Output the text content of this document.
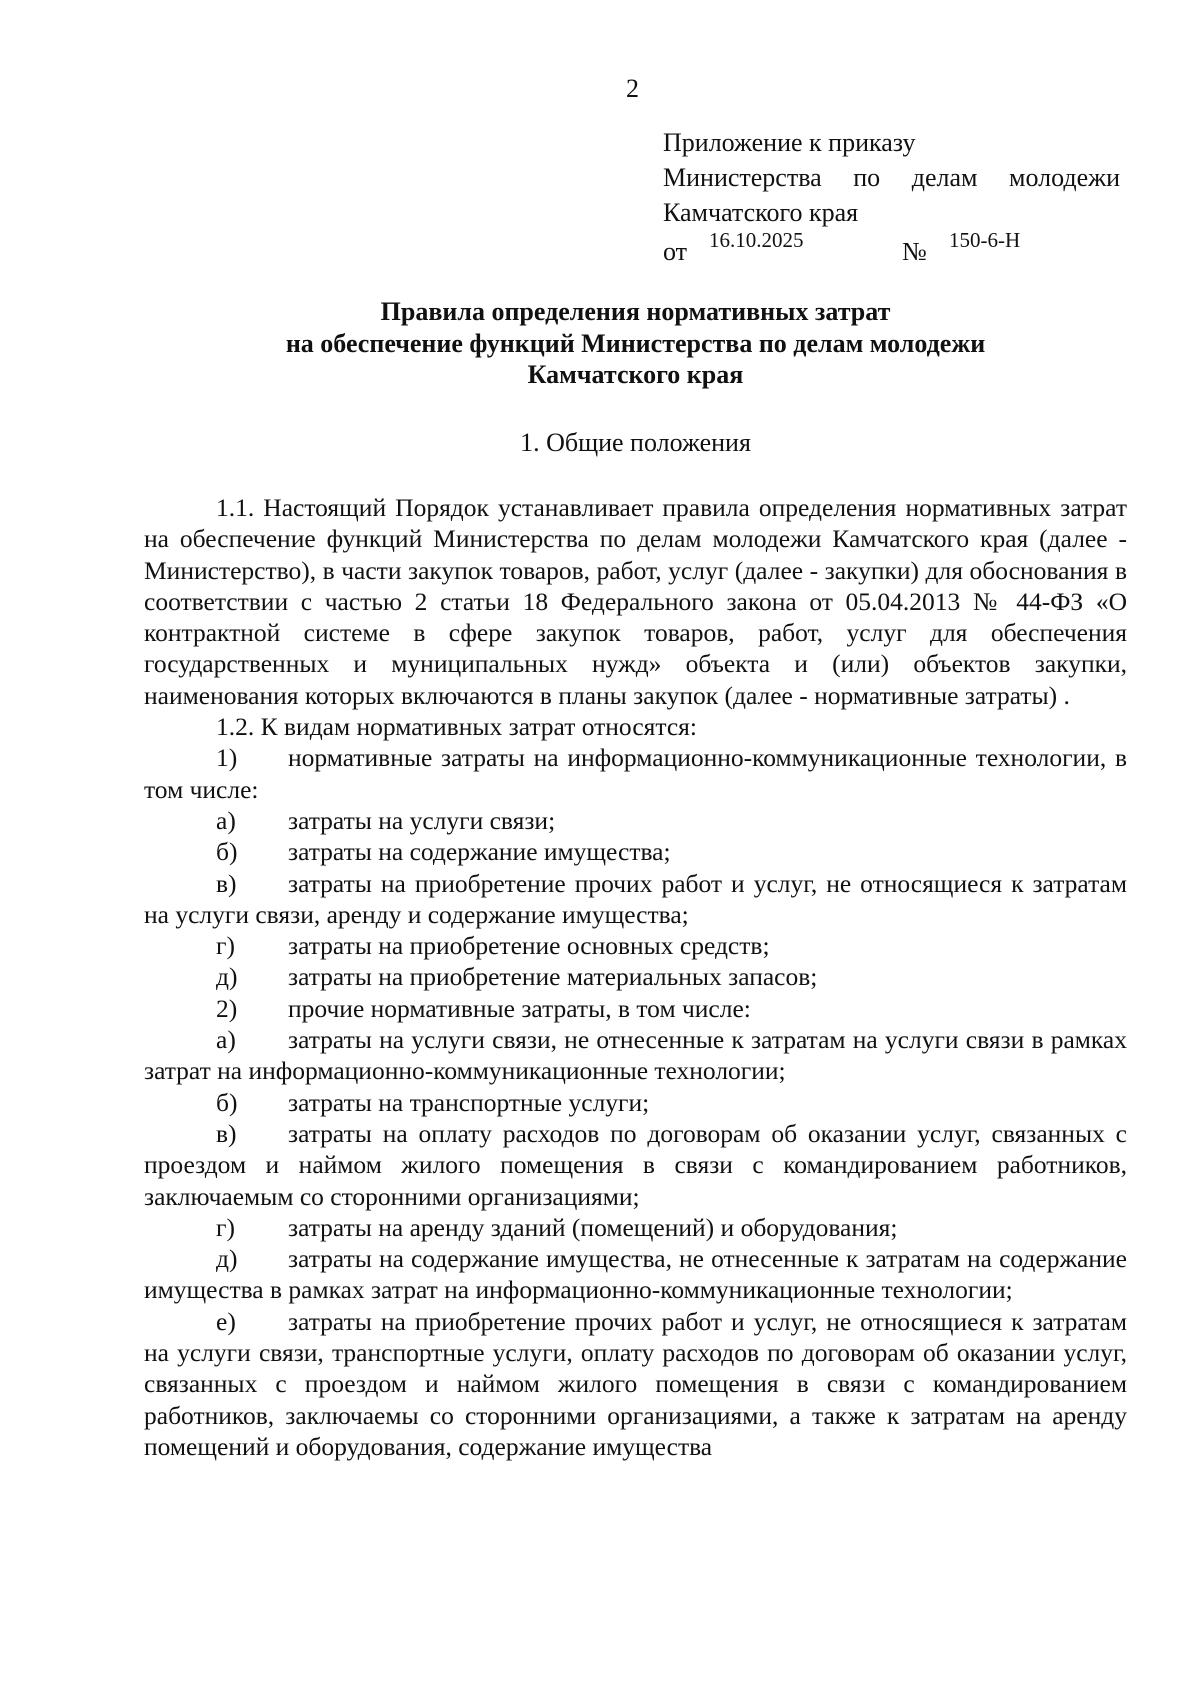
2
Приложение к приказу
Министерства по делам молодежи
Камчатского края
от 16.10.2025	№ 150-6-Н
Правила определения нормативных затрат
на обеспечение функций Министерства по делам молодежи
Камчатского края
1. Общие положения

1.1. Настоящий Порядок устанавливает правила определения нормативных затрат на обеспечение функций Министерства по делам молодежи Камчатского края (далее - Министерство), в части закупок товаров, работ, услуг (далее - закупки) для обоснования в соответствии с частью 2 статьи 18 Федерального закона от 05.04.2013 № 44-ФЗ «О контрактной системе в сфере закупок товаров, работ, услуг для обеспечения государственных и муниципальных нужд» объекта и (или) объектов закупки, наименования которых включаются в планы закупок (далее - нормативные затраты) .

1.2. К видам нормативных затрат относятся:

1) нормативные затраты на информационно-коммуникационные технологии, в том числе:

а)	затраты на услуги связи;
б)	затраты на содержание имущества;

в) затраты на приобретение прочих работ и услуг, не относящиеся к затратам на услуги связи, аренду и содержание имущества;

г)	затраты на приобретение основных средств;
д)	затраты на приобретение материальных запасов;
2)	прочие нормативные затраты, в том числе:

а) затраты на услуги связи, не отнесенные к затратам на услуги связи в рамках затрат на информационно-коммуникационные технологии;

б)	затраты на транспортные услуги;

в) затраты на оплату расходов по договорам об оказании услуг, связанных с проездом и наймом жилого помещения в связи с командированием работников, заключаемым со сторонними организациями;

г)	затраты на аренду зданий (помещений) и оборудования;

д) затраты на содержание имущества, не отнесенные к затратам на содержание имущества в рамках затрат на информационно-коммуникационные технологии;

е) затраты на приобретение прочих работ и услуг, не относящиеся к затратам на услуги связи, транспортные услуги, оплату расходов по договорам об оказании услуг, связанных с проездом и наймом жилого помещения в связи с командированием работников, заключаемы со сторонними организациями, а также к затратам на аренду помещений и оборудования, содержание имущества
